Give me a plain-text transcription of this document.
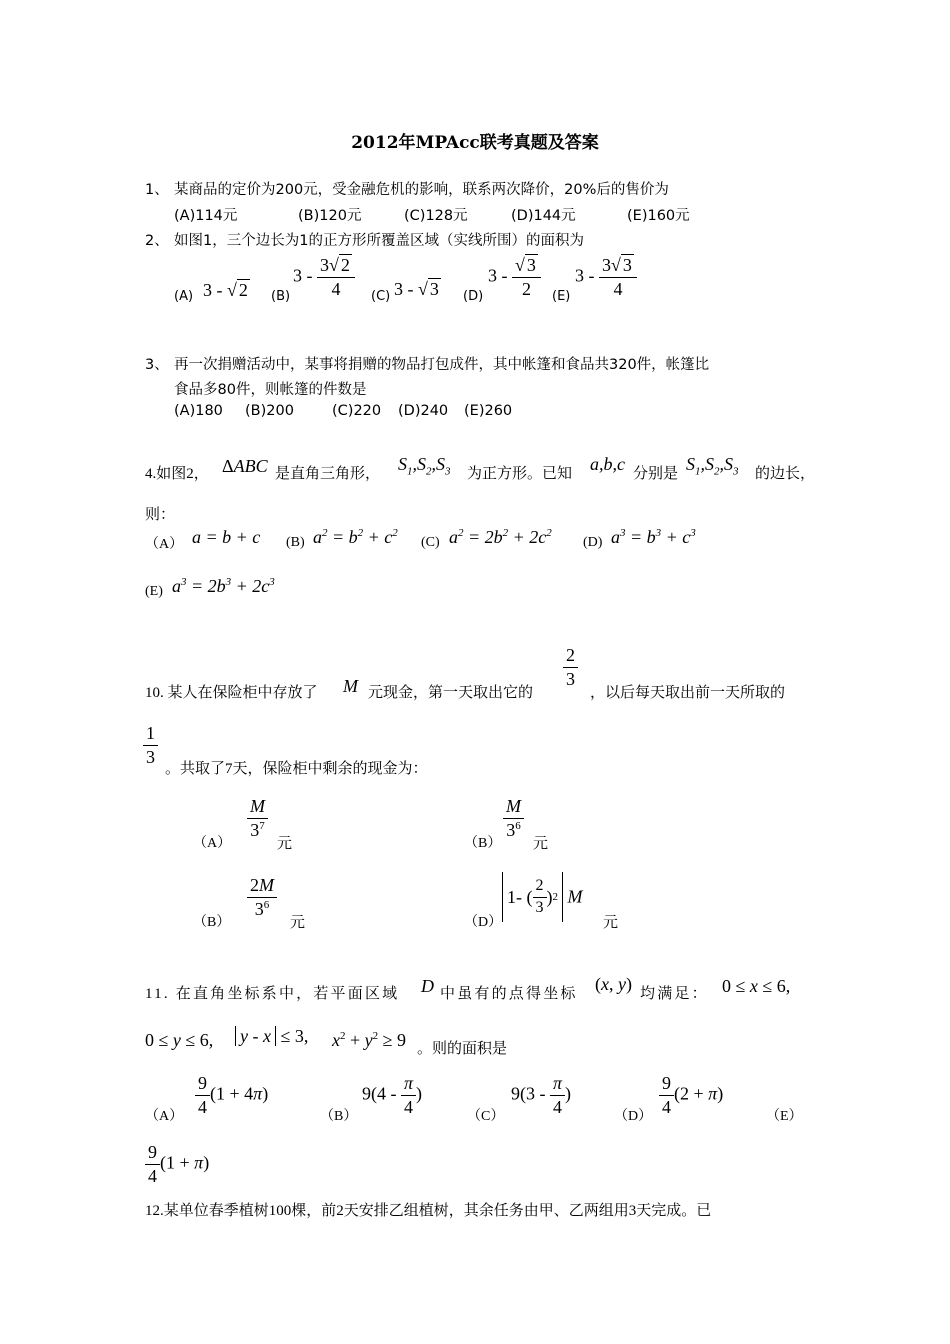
2012年MPAcc联考真题及答案
1、 某商品的定价为200元，受金融危机的影响，联系两次降价，20%后的售价为
(A)114元	(B)120元	(C)128元	(D)144元	(E)160元
2、 如图1，三个边长为1的正方形所覆盖区域（实线所围）的面积为
(A) 3 - √ 2 (B)
$3 - \frac{3√ 2}{4} (C)$ 3 - √ 3 (D)
$3 - \frac{√ 3}{2} (E)$
$3 - \frac{3√ 3}{4}$
3、 再一次捐赠活动中，某事将捐赠的物品打包成件，其中帐篷和食品共320件，帐篷比
食品多80件，则帐篷的件数是
(A)180 (B)200	(C)220 (D)240 (E)260
4.如图2， ΔABC 是直角三角形， $S_1,S_2,S_3$ 为正方形。已知 a,b,c 分别是 $S_1,S_2,S_3$ 的边长，
则：
（A） a = b + c (B) $a^2 = b^2 + c^2$
(C) $a^2 = 2b^2 + 2c^2$
(D) $a^3 = b^3 + c^3$
(E) $a^3 = 2b^3 + 2c^3$
10. 某人在保险柜中存放了 M 元现金，第一天取出它的
$\frac{2}{3}$
，以后每天取出前一天所取的
$\frac{1}{3}$
。共取了7天，保险柜中剩余的现金为：
（A）
$\frac{M}{3^7}$
元	（B）
$\frac{M}{3^6}$
元
（B）
$\frac{2M}{3^6}$
元	（D）
1- ( $\frac{2}{3}$ ) 2 M
元
11. 在直角坐标系中，若平面区域 D 中虽有的点得坐标 (x, y) 均满足： 0 ≤ x ≤ 6,
0 ≤ y ≤ 6, y - x ≤ 3, $x^2 + y^2 \ge 9$ 。则的面积是
$(A) \frac{9}{4} (1 + 4\pi)$
（B）
$9(4 - \frac{\pi}{4}$ )
（C）
$9(3 - \frac{\pi}{4}$ )
$(D) \frac{9}{4} (2 + \pi)$
（E）
$\frac{9}{4} (1 + \pi)$
12.某单位春季植树100棵，前2天安排乙组植树，其余任务由甲、乙两组用3天完成。已
